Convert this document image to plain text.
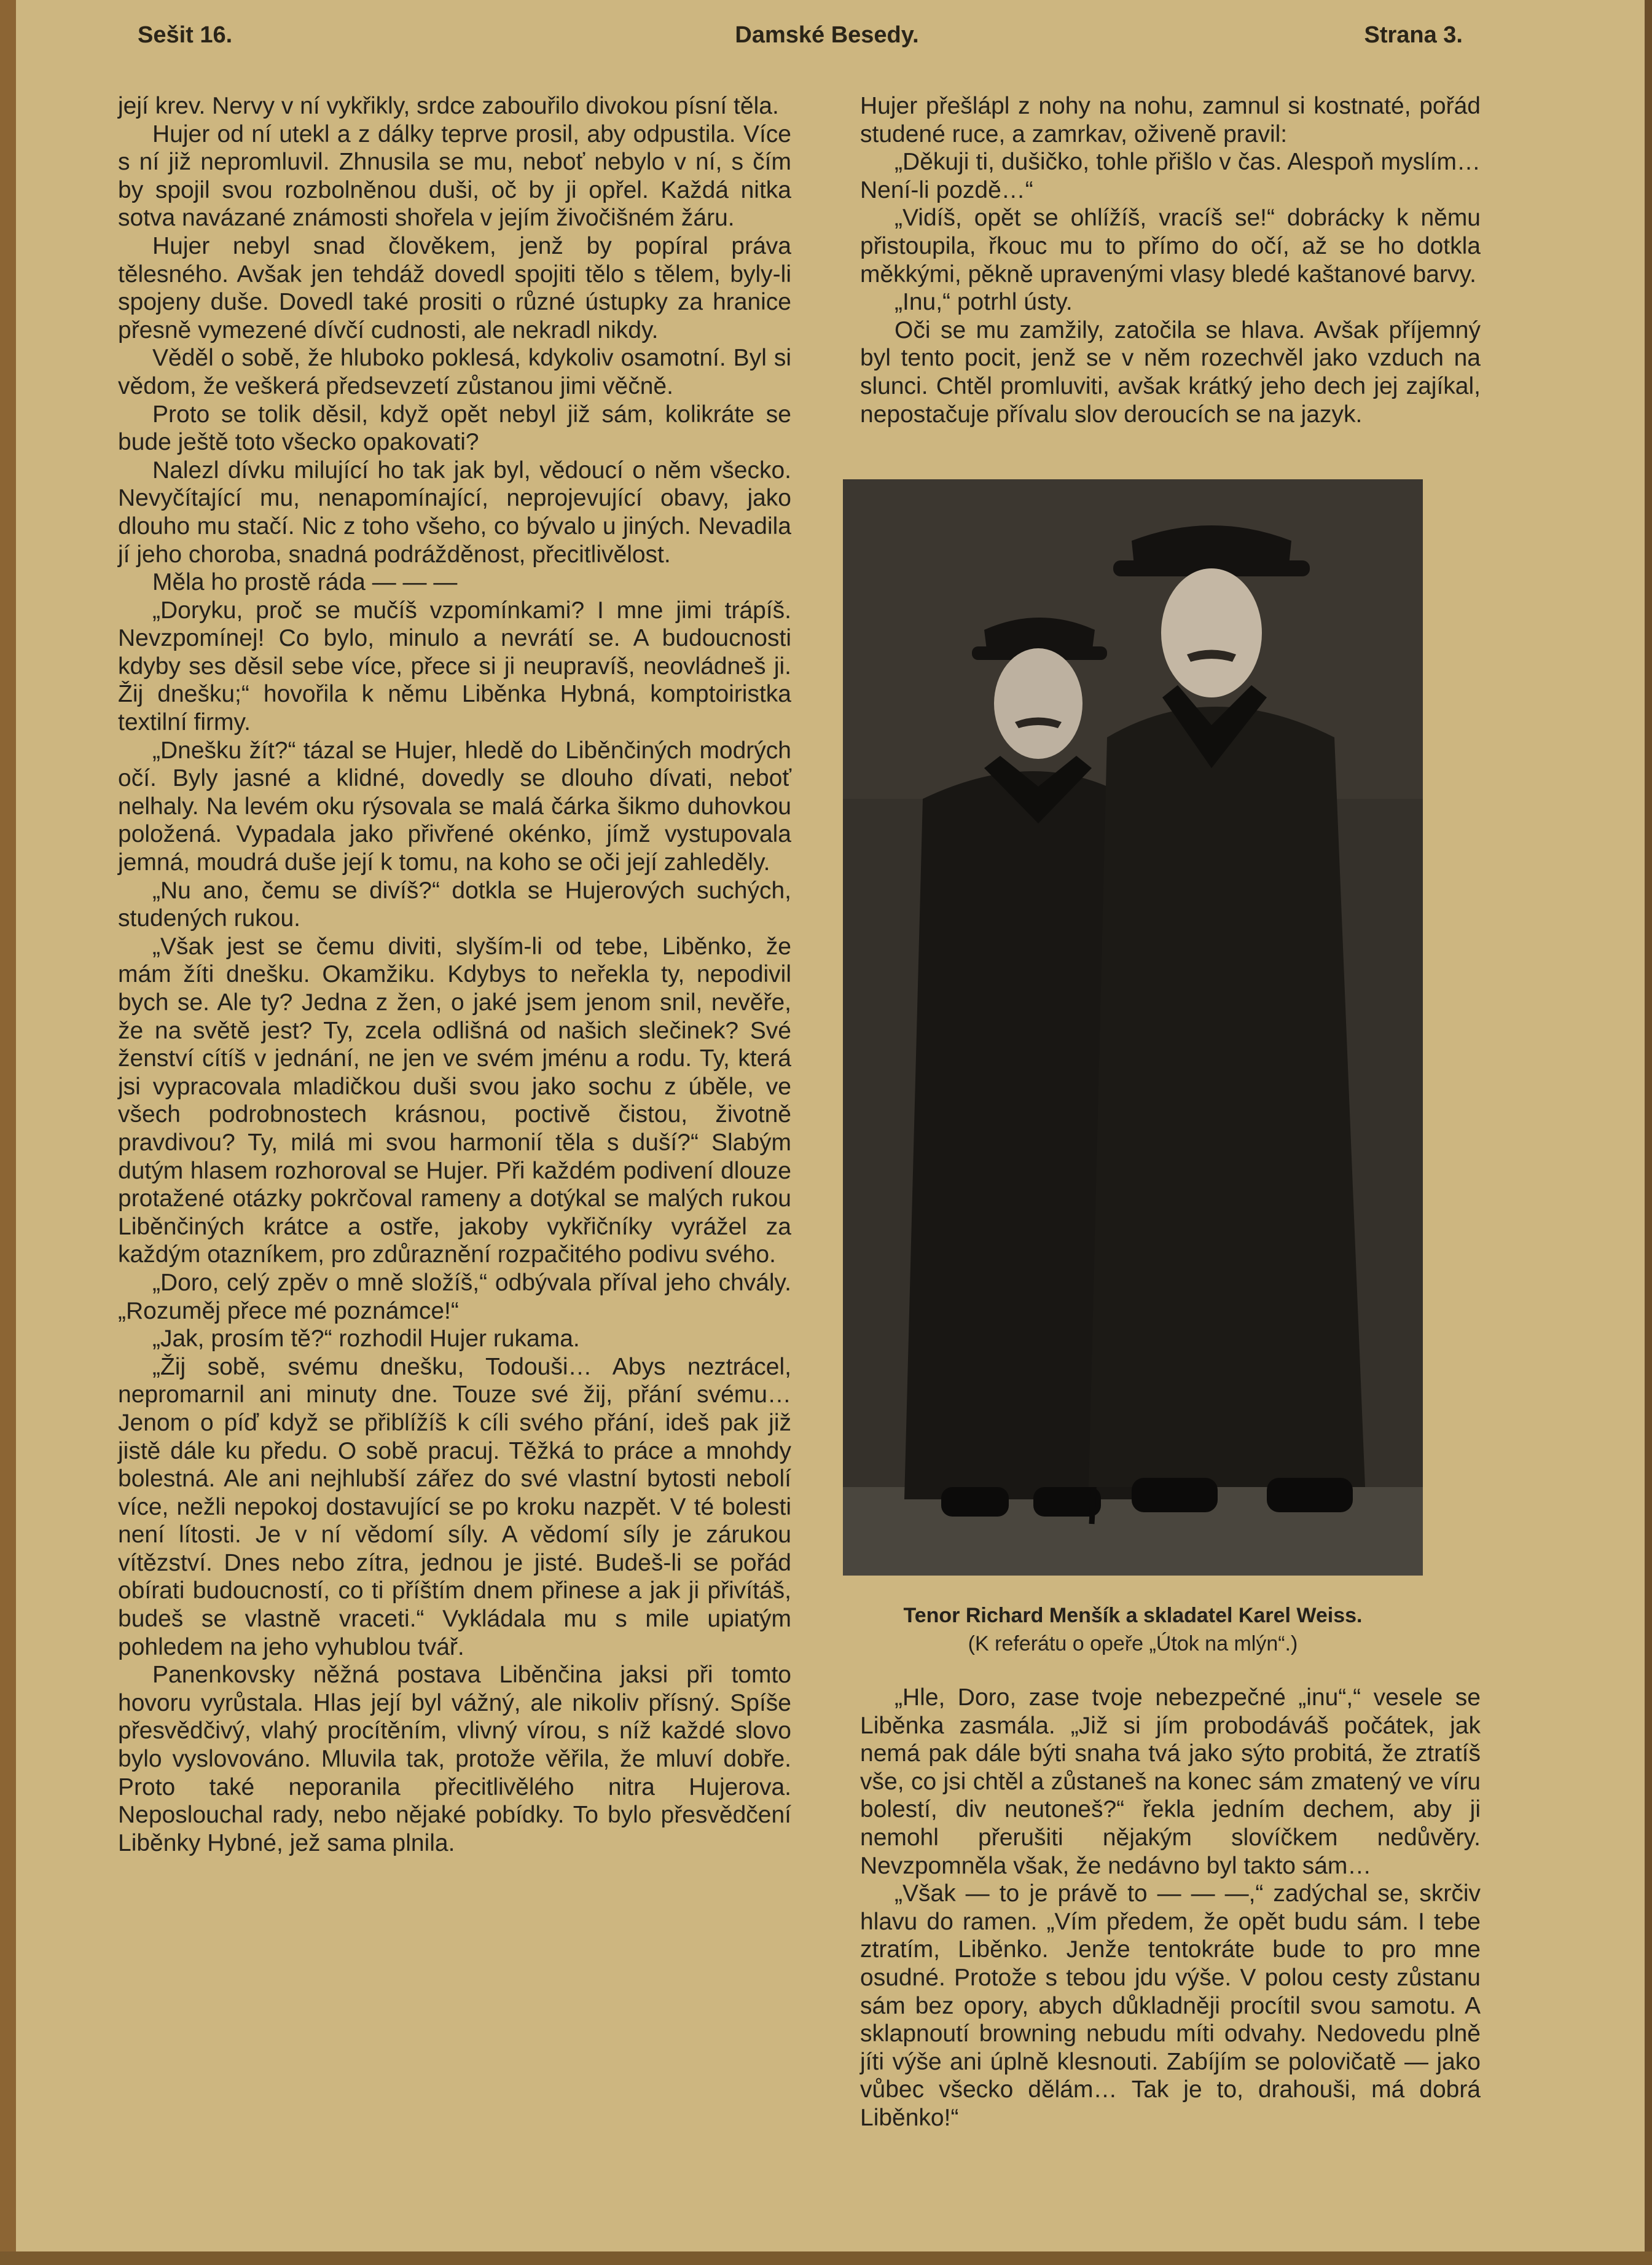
Sešit 16.	Damské Besedy.	Strana 3.

její krev. Nervy v ní vykřikly, srdce zabouřilo divokou písní těla.

Hujer od ní utekl a z dálky teprve prosil, aby odpustila. Více s ní již nepromluvil. Zhnusila se mu, neboť nebylo v ní, s čím by spojil svou rozbolněnou duši, oč by ji opřel. Každá nitka sotva navázané známosti shořela v jejím živočišném žáru.

Hujer nebyl snad člověkem, jenž by popíral práva tělesného. Avšak jen tehdáž dovedl spojiti tělo s tělem, byly-li spojeny duše. Dovedl také prositi o různé ústupky za hranice přesně vymezené dívčí cudnosti, ale nekradl nikdy.

Věděl o sobě, že hluboko poklesá, kdykoliv osamotní. Byl si vědom, že veškerá předsevzetí zůstanou jimi věčně.

Proto se tolik děsil, když opět nebyl již sám, kolikráte se bude ještě toto všecko opakovati?

Nalezl dívku milující ho tak jak byl, vědoucí o něm všecko. Nevyčítající mu, nenapomínající, neprojevující obavy, jako dlouho mu stačí. Nic z toho všeho, co bývalo u jiných. Nevadila jí jeho choroba, snadná podrážděnost, přecitlivělost.

Měla ho prostě ráda — — —

„Doryku, proč se mučíš vzpomínkami? I mne jimi trápíš. Nevzpomínej! Co bylo, minulo a nevrátí se. A budoucnosti kdyby ses děsil sebe více, přece si ji neupravíš, neovládneš ji. Žij dnešku;“ hovořila k němu Liběnka Hybná, komptoiristka textilní firmy.

„Dnešku žít?“ tázal se Hujer, hledě do Liběnčiných modrých očí. Byly jasné a klidné, dovedly se dlouho dívati, neboť nelhaly. Na levém oku rýsovala se malá čárka šikmo duhovkou položená. Vypadala jako přivřené okénko, jímž vystupovala jemná, moudrá duše její k tomu, na koho se oči její zahleděly.

„Nu ano, čemu se divíš?“ dotkla se Hujerových suchých, studených rukou.

„Však jest se čemu diviti, slyším-li od tebe, Liběnko, že mám žíti dnešku. Okamžiku. Kdybys to neřekla ty, nepodivil bych se. Ale ty? Jedna z žen, o jaké jsem jenom snil, nevěře, že na světě jest? Ty, zcela odlišná od našich slečinek? Své ženství cítíš v jednání, ne jen ve svém jménu a rodu. Ty, která jsi vypracovala mladičkou duši svou jako sochu z úběle, ve všech podrobnostech krásnou, poctivě čistou, životně pravdivou? Ty, milá mi svou harmonií těla s duší?“ Slabým dutým hlasem rozhoroval se Hujer. Při každém podivení dlouze protažené otázky pokrčoval rameny a dotýkal se malých rukou Liběnčiných krátce a ostře, jakoby vykřičníky vyrážel za každým otazníkem, pro zdůraznění rozpačitého podivu svého.

„Doro, celý zpěv o mně složíš,“ odbývala příval jeho chvály. „Rozuměj přece mé poznámce!“

„Jak, prosím tě?“ rozhodil Hujer rukama.

„Žij sobě, svému dnešku, Todouši… Abys neztrácel, nepromarnil ani minuty dne. Touze své žij, přání svému… Jenom o píď když se přiblížíš k cíli svého přání, ideš pak již jistě dále ku předu. O sobě pracuj. Těžká to práce a mnohdy bolestná. Ale ani nejhlubší zářez do své vlastní bytosti nebolí více, nežli nepokoj dostavující se po kroku nazpět. V té bolesti není lítosti. Je v ní vědomí síly. A vědomí síly je zárukou vítězství. Dnes nebo zítra, jednou je jisté. Budeš-li se pořád obírati budoucností, co ti příštím dnem přinese a jak ji přivítáš, budeš se vlastně vraceti.“ Vykládala mu s mile upiatým pohledem na jeho vyhublou tvář.

Panenkovsky něžná postava Liběnčina jaksi při tomto hovoru vyrůstala. Hlas její byl vážný, ale nikoliv přísný. Spíše přesvědčivý, vlahý procítěním, vlivný vírou, s níž každé slovo bylo vyslovováno. Mluvila tak, protože věřila, že mluví dobře. Proto také neporanila přecitlivělého nitra Hujerova. Neposlouchal rady, nebo nějaké pobídky. To bylo přesvědčení Liběnky Hybné, jež sama plnila.

Hujer přešlápl z nohy na nohu, zamnul si kostnaté, pořád studené ruce, a zamrkav, oživeně pravil:

„Děkuji ti, dušičko, tohle přišlo v čas. Alespoň myslím… Není-li pozdě…“

„Vidíš, opět se ohlížíš, vracíš se!“ dobrácky k němu přistoupila, řkouc mu to přímo do očí, až se ho dotkla měkkými, pěkně upravenými vlasy bledé kaštanové barvy.

„Inu,“ potrhl ústy.

Oči se mu zamžily, zatočila se hlava. Avšak příjemný byl tento pocit, jenž se v něm rozechvěl jako vzduch na slunci. Chtěl promluviti, avšak krátký jeho dech jej zajíkal, nepostačuje přívalu slov deroucích se na jazyk.

Tenor Richard Menšík a skladatel Karel Weiss.
(K referátu o opeře „Útok na mlýn“.)

„Hle, Doro, zase tvoje nebezpečné „inu“,“ vesele se Liběnka zasmála. „Již si jím probodáváš počátek, jak nemá pak dále býti snaha tvá jako sýto probitá, že ztratíš vše, co jsi chtěl a zůstaneš na konec sám zmatený ve víru bolestí, div neutoneš?“ řekla jedním dechem, aby ji nemohl přerušiti nějakým slovíčkem nedůvěry. Nevzpomněla však, že nedávno byl takto sám…

„Však — to je právě to — — —,“ zadýchal se, skrčiv hlavu do ramen. „Vím předem, že opět budu sám. I tebe ztratím, Liběnko. Jenže tentokráte bude to pro mne osudné. Protože s tebou jdu výše. V polou cesty zůstanu sám bez opory, abych důkladněji procítil svou samotu. A sklapnoutí browning nebudu míti odvahy. Nedovedu plně jíti výše ani úplně klesnouti. Zabíjím se polovičatě — jako vůbec všecko dělám… Tak je to, drahouši, má dobrá Liběnko!“
